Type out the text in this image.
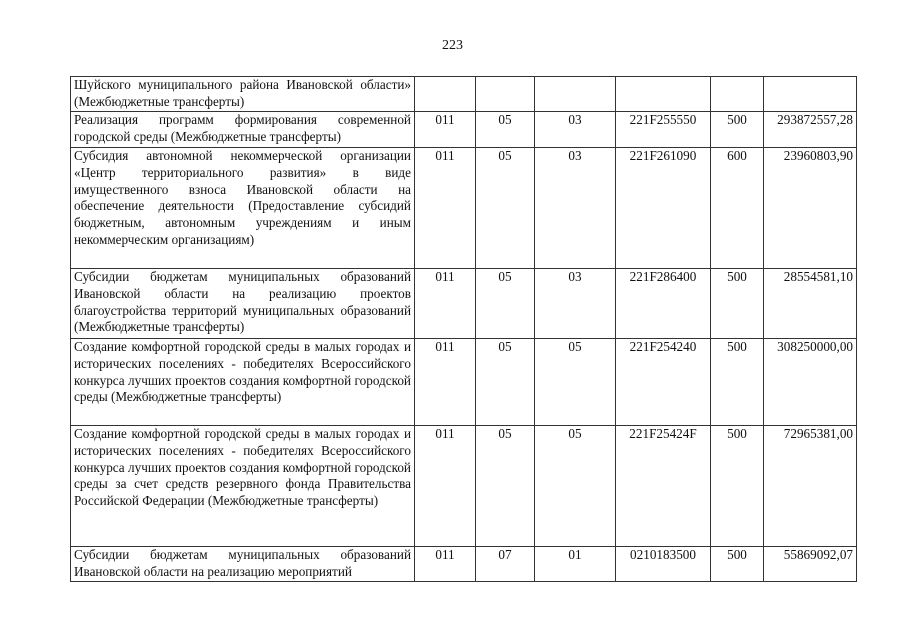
223
Шуйского муниципального района Ивановской области» (Межбюджетные трансферты)						
Реализация программ формирования современной городской среды (Межбюджетные трансферты)	011	05	03	221F255550	500	293872557,28
Субсидия автономной некоммерческой организации «Центр территориального развития» в виде имущественного взноса Ивановской области на обеспечение деятельности (Предоставление субсидий бюджетным, автономным учреждениям и иным некоммерческим организациям)	011	05	03	221F261090	600	23960803,90
Субсидии бюджетам муниципальных образований Ивановской области на реализацию проектов благоустройства территорий муниципальных образований (Межбюджетные трансферты)	011	05	03	221F286400	500	28554581,10
Создание комфортной городской среды в малых городах и исторических поселениях - победителях Всероссийского конкурса лучших проектов создания комфортной городской среды (Межбюджетные трансферты)	011	05	05	221F254240	500	308250000,00
Создание комфортной городской среды в малых городах и исторических поселениях - победителях Всероссийского конкурса лучших проектов создания комфортной городской среды за счет средств резервного фонда Правительства Российской Федерации (Межбюджетные трансферты)	011	05	05	221F25424F	500	72965381,00
Субсидии бюджетам муниципальных образований Ивановской области на реализацию мероприятий	011	07	01	0210183500	500	55869092,07
